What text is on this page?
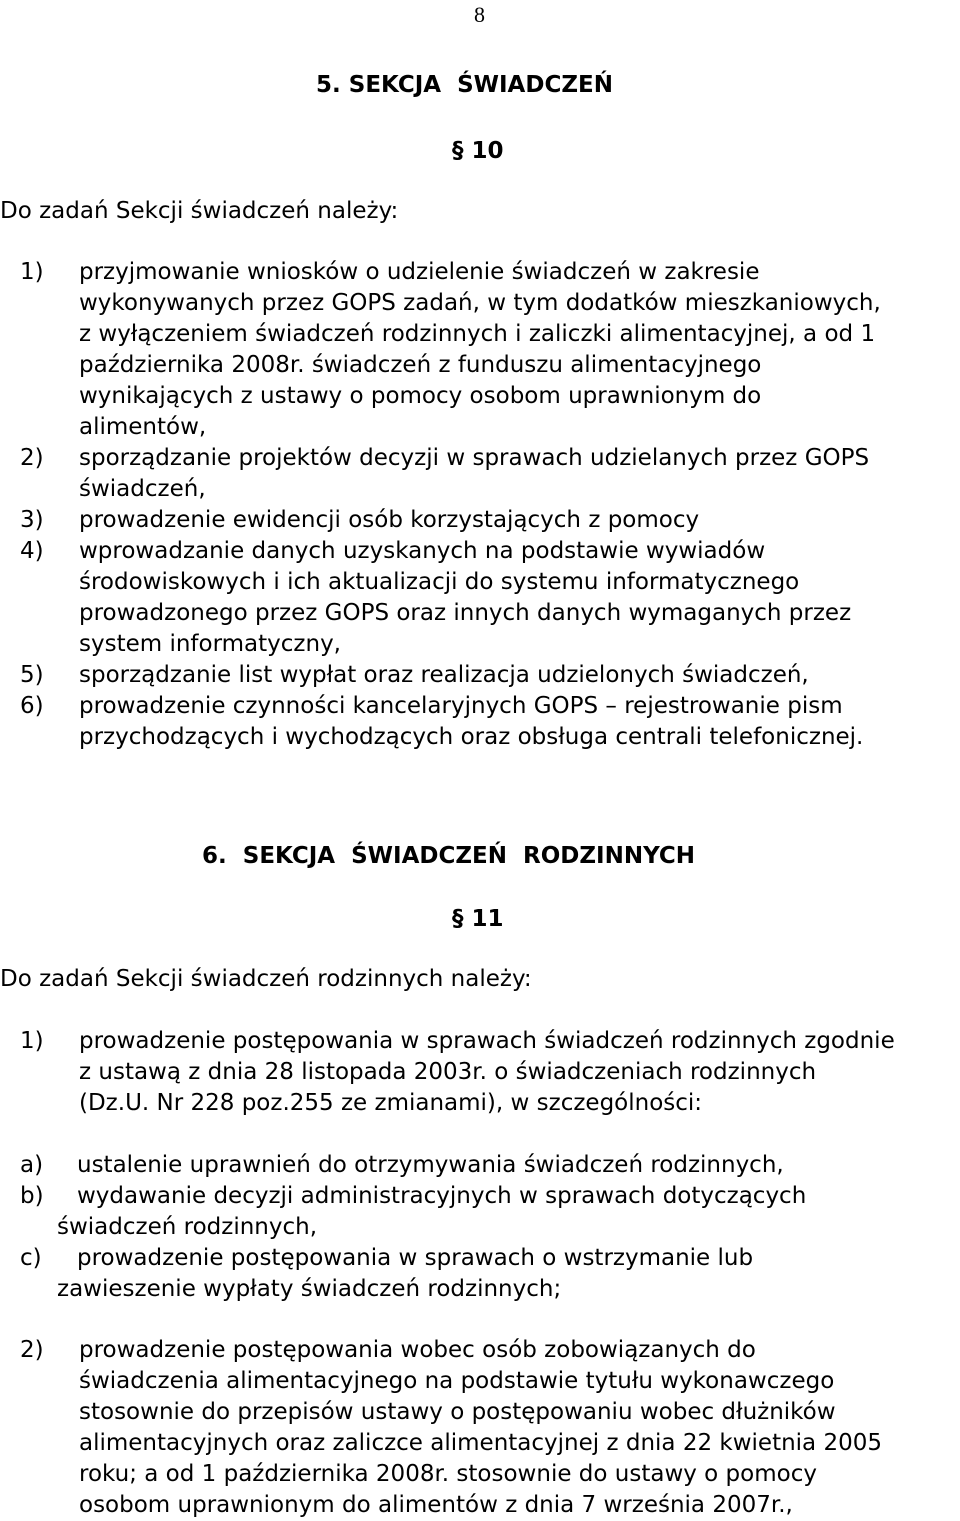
8
5. SEKCJA  ŚWIADCZEŃ
§ 10
Do zadań Sekcji świadczeń należy:
1)	przyjmowanie wniosków o udzielenie świadczeń w zakresie
wykonywanych przez GOPS zadań, w tym dodatków mieszkaniowych,
z wyłączeniem świadczeń rodzinnych i zaliczki alimentacyjnej, a od 1
października 2008r. świadczeń z funduszu alimentacyjnego
wynikających z ustawy o pomocy osobom uprawnionym do
alimentów,
2)	sporządzanie projektów decyzji w sprawach udzielanych przez GOPS
świadczeń,
3)	prowadzenie ewidencji osób korzystających z pomocy
4)	wprowadzanie danych uzyskanych na podstawie wywiadów
środowiskowych i ich aktualizacji do systemu informatycznego
prowadzonego przez GOPS oraz innych danych wymaganych przez
system informatyczny,
5)	sporządzanie list wypłat oraz realizacja udzielonych świadczeń,
6)	prowadzenie czynności kancelaryjnych GOPS – rejestrowanie pism
przychodzących i wychodzących oraz obsługa centrali telefonicznej.
6.  SEKCJA  ŚWIADCZEŃ  RODZINNYCH
§ 11
Do zadań Sekcji świadczeń rodzinnych należy:
1)	prowadzenie postępowania w sprawach świadczeń rodzinnych zgodnie
z ustawą z dnia 28 listopada 2003r. o świadczeniach rodzinnych
(Dz.U. Nr 228 poz.255 ze zmianami), w szczególności:
a)	ustalenie uprawnień do otrzymywania świadczeń rodzinnych,
b)	wydawanie decyzji administracyjnych w sprawach dotyczących
świadczeń rodzinnych,
c)	prowadzenie postępowania w sprawach o wstrzymanie lub
zawieszenie wypłaty świadczeń rodzinnych;
2)	prowadzenie postępowania wobec osób zobowiązanych do
świadczenia alimentacyjnego na podstawie tytułu wykonawczego
stosownie do przepisów ustawy o postępowaniu wobec dłużników
alimentacyjnych oraz zaliczce alimentacyjnej z dnia 22 kwietnia 2005
roku; a od 1 października 2008r. stosownie do ustawy o pomocy
osobom uprawnionym do alimentów z dnia 7 września 2007r.,
